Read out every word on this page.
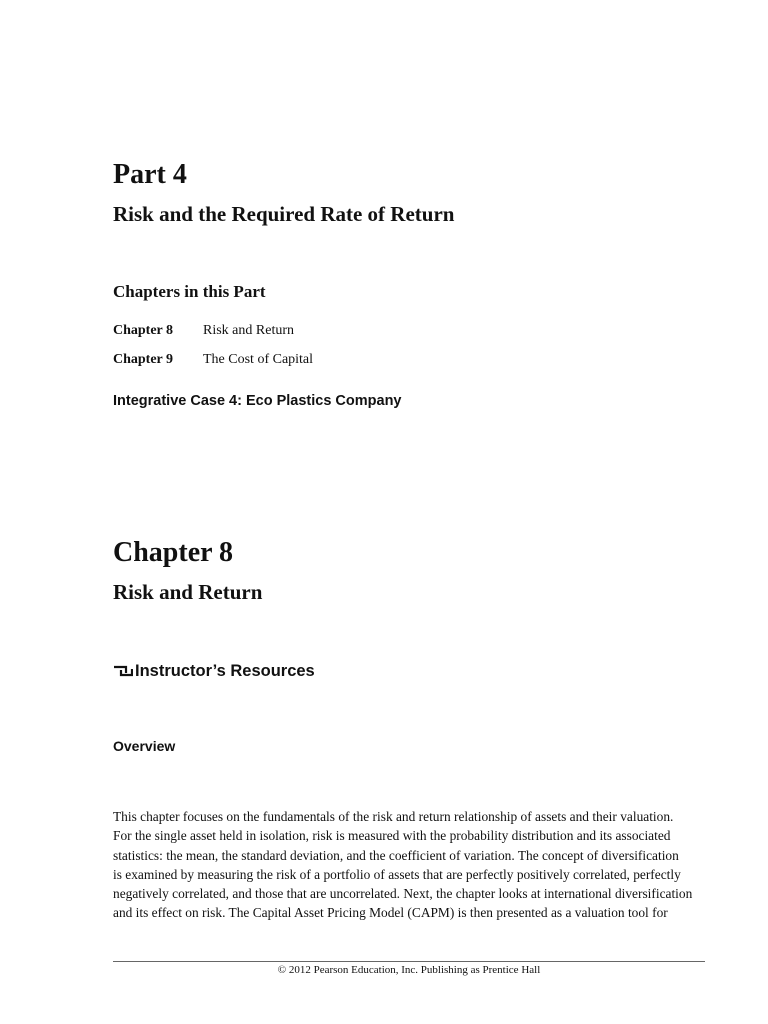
Part 4
Risk and the Required Rate of Return
Chapters in this Part
Chapter 8	Risk and Return
Chapter 9	The Cost of Capital
Integrative Case 4: Eco Plastics Company
Chapter 8
Risk and Return
Instructor’s Resources
Overview
This chapter focuses on the fundamentals of the risk and return relationship of assets and their valuation.
For the single asset held in isolation, risk is measured with the probability distribution and its associated
statistics: the mean, the standard deviation, and the coefficient of variation. The concept of diversification
is examined by measuring the risk of a portfolio of assets that are perfectly positively correlated, perfectly
negatively correlated, and those that are uncorrelated. Next, the chapter looks at international diversification
and its effect on risk. The Capital Asset Pricing Model (CAPM) is then presented as a valuation tool for
© 2012 Pearson Education, Inc. Publishing as Prentice Hall
